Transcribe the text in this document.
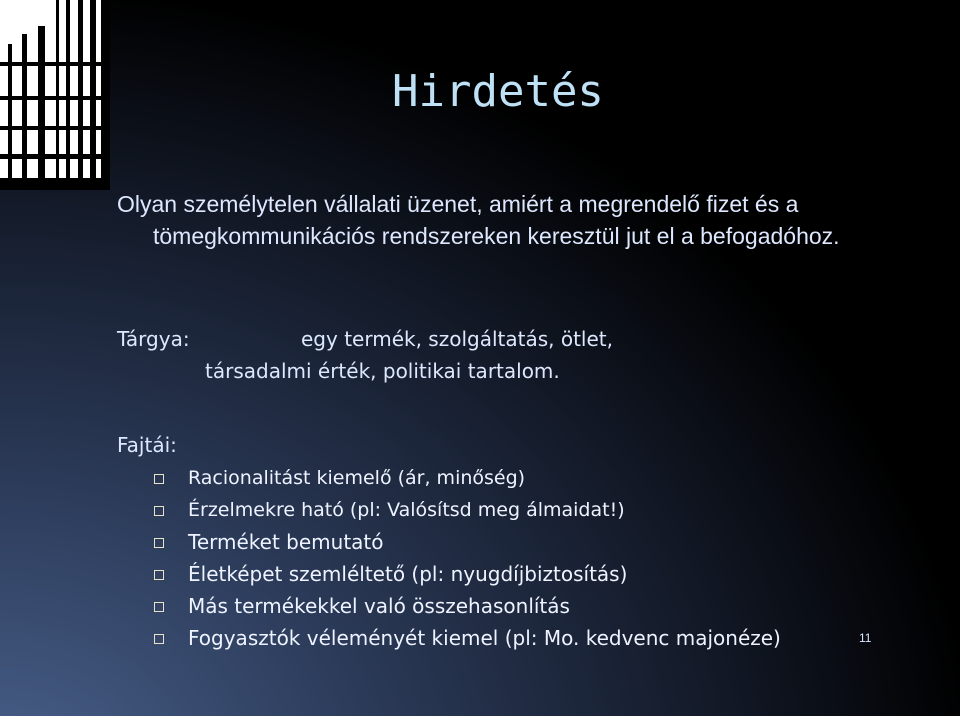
Hirdetés

Olyan személytelen vállalati üzenet, amiért a megrendelő fizet és a tömegkommunikációs rendszereken keresztül jut el a befogadóhoz.

Tárgya:	egy termék, szolgáltatás, ötlet,
társadalmi érték, politikai tartalom.
Fajtái:
Racionalitást kiemelő (ár, minőség)
Érzelmekre ható (pl: Valósítsd meg álmaidat!)
Terméket bemutató
Életképet szemléltető (pl: nyugdíjbiztosítás)
Más termékekkel való összehasonlítás
Fogyasztók véleményét kiemel (pl: Mo. kedvenc majonéze)	11
